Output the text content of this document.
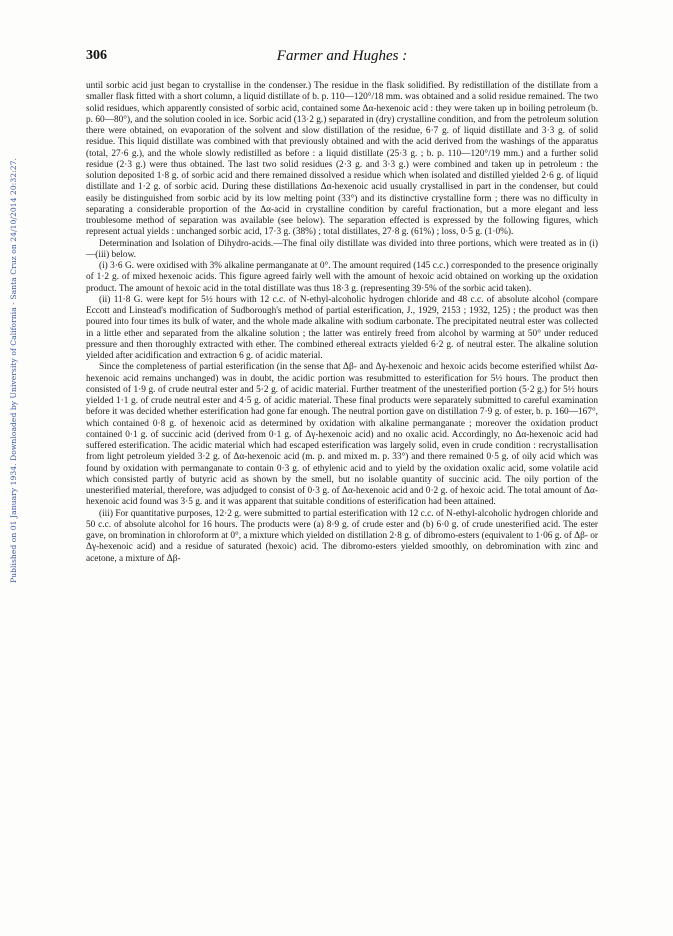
Published on 01 January 1934. Downloaded by University of California - Santa Cruz on 24/10/2014 20:32:27.
306	Farmer and Hughes :

until sorbic acid just began to crystallise in the condenser.) The residue in the flask solidified. By redistillation of the distillate from a smaller flask fitted with a short column, a liquid distillate of b. p. 110—120°/18 mm. was obtained and a solid residue remained. The two solid residues, which apparently consisted of sorbic acid, contained some Δα-hexenoic acid : they were taken up in boiling petroleum (b. p. 60—80°), and the solution cooled in ice. Sorbic acid (13·2 g.) separated in (dry) crystalline condition, and from the petroleum solution there were obtained, on evaporation of the solvent and slow distillation of the residue, 6·7 g. of liquid distillate and 3·3 g. of solid residue. This liquid distillate was combined with that previously obtained and with the acid derived from the washings of the apparatus (total, 27·6 g.), and the whole slowly redistilled as before : a liquid distillate (25·3 g. ; b. p. 110—120°/19 mm.) and a further solid residue (2·3 g.) were thus obtained. The last two solid residues (2·3 g. and 3·3 g.) were combined and taken up in petroleum : the solution deposited 1·8 g. of sorbic acid and there remained dissolved a residue which when isolated and distilled yielded 2·6 g. of liquid distillate and 1·2 g. of sorbic acid. During these distillations Δα-hexenoic acid usually crystallised in part in the condenser, but could easily be distinguished from sorbic acid by its low melting point (33°) and its distinctive crystalline form ; there was no difficulty in separating a considerable proportion of the Δα-acid in crystalline condition by careful fractionation, but a more elegant and less troublesome method of separation was available (see below). The separation effected is expressed by the following figures, which represent actual yields : unchanged sorbic acid, 17·3 g. (38%) ; total distillates, 27·8 g. (61%) ; loss, 0·5 g. (1·0%).

Determination and Isolation of Dihydro-acids.—The final oily distillate was divided into three portions, which were treated as in (i)—(iii) below.

(i) 3·6 G. were oxidised with 3% alkaline permanganate at 0°. The amount required (145 c.c.) corresponded to the presence originally of 1·2 g. of mixed hexenoic acids. This figure agreed fairly well with the amount of hexoic acid obtained on working up the oxidation product. The amount of hexoic acid in the total distillate was thus 18·3 g. (representing 39·5% of the sorbic acid taken).

(ii) 11·8 G. were kept for 5½ hours with 12 c.c. of N-ethyl-alcoholic hydrogen chloride and 48 c.c. of absolute alcohol (compare Eccott and Linstead's modification of Sudborough's method of partial esterification, J., 1929, 2153 ; 1932, 125) ; the product was then poured into four times its bulk of water, and the whole made alkaline with sodium carbonate. The precipitated neutral ester was collected in a little ether and separated from the alkaline solution ; the latter was entirely freed from alcohol by warming at 50° under reduced pressure and then thoroughly extracted with ether. The combined ethereal extracts yielded 6·2 g. of neutral ester. The alkaline solution yielded after acidification and extraction 6 g. of acidic material.

Since the completeness of partial esterification (in the sense that Δβ- and Δγ-hexenoic and hexoic acids become esterified whilst Δα-hexenoic acid remains unchanged) was in doubt, the acidic portion was resubmitted to esterification for 5½ hours. The product then consisted of 1·9 g. of crude neutral ester and 5·2 g. of acidic material. Further treatment of the unesterified portion (5·2 g.) for 5½ hours yielded 1·1 g. of crude neutral ester and 4·5 g. of acidic material. These final products were separately submitted to careful examination before it was decided whether esterification had gone far enough. The neutral portion gave on distillation 7·9 g. of ester, b. p. 160—167°, which contained 0·8 g. of hexenoic acid as determined by oxidation with alkaline permanganate ; moreover the oxidation product contained 0·1 g. of succinic acid (derived from 0·1 g. of Δγ-hexenoic acid) and no oxalic acid. Accordingly, no Δα-hexenoic acid had suffered esterification. The acidic material which had escaped esterification was largely solid, even in crude condition : recrystallisation from light petroleum yielded 3·2 g. of Δα-hexenoic acid (m. p. and mixed m. p. 33°) and there remained 0·5 g. of oily acid which was found by oxidation with permanganate to contain 0·3 g. of ethylenic acid and to yield by the oxidation oxalic acid, some volatile acid which consisted partly of butyric acid as shown by the smell, but no isolable quantity of succinic acid. The oily portion of the unesterified material, therefore, was adjudged to consist of 0·3 g. of Δα-hexenoic acid and 0·2 g. of hexoic acid. The total amount of Δα-hexenoic acid found was 3·5 g. and it was apparent that suitable conditions of esterification had been attained.

(iii) For quantitative purposes, 12·2 g. were submitted to partial esterification with 12 c.c. of N-ethyl-alcoholic hydrogen chloride and 50 c.c. of absolute alcohol for 16 hours. The products were (a) 8·9 g. of crude ester and (b) 6·0 g. of crude unesterified acid. The ester gave, on bromination in chloroform at 0°, a mixture which yielded on distillation 2·8 g. of dibromo-esters (equivalent to 1·06 g. of Δβ- or Δγ-hexenoic acid) and a residue of saturated (hexoic) acid. The dibromo-esters yielded smoothly, on debromination with zinc and acetone, a mixture of Δβ-
